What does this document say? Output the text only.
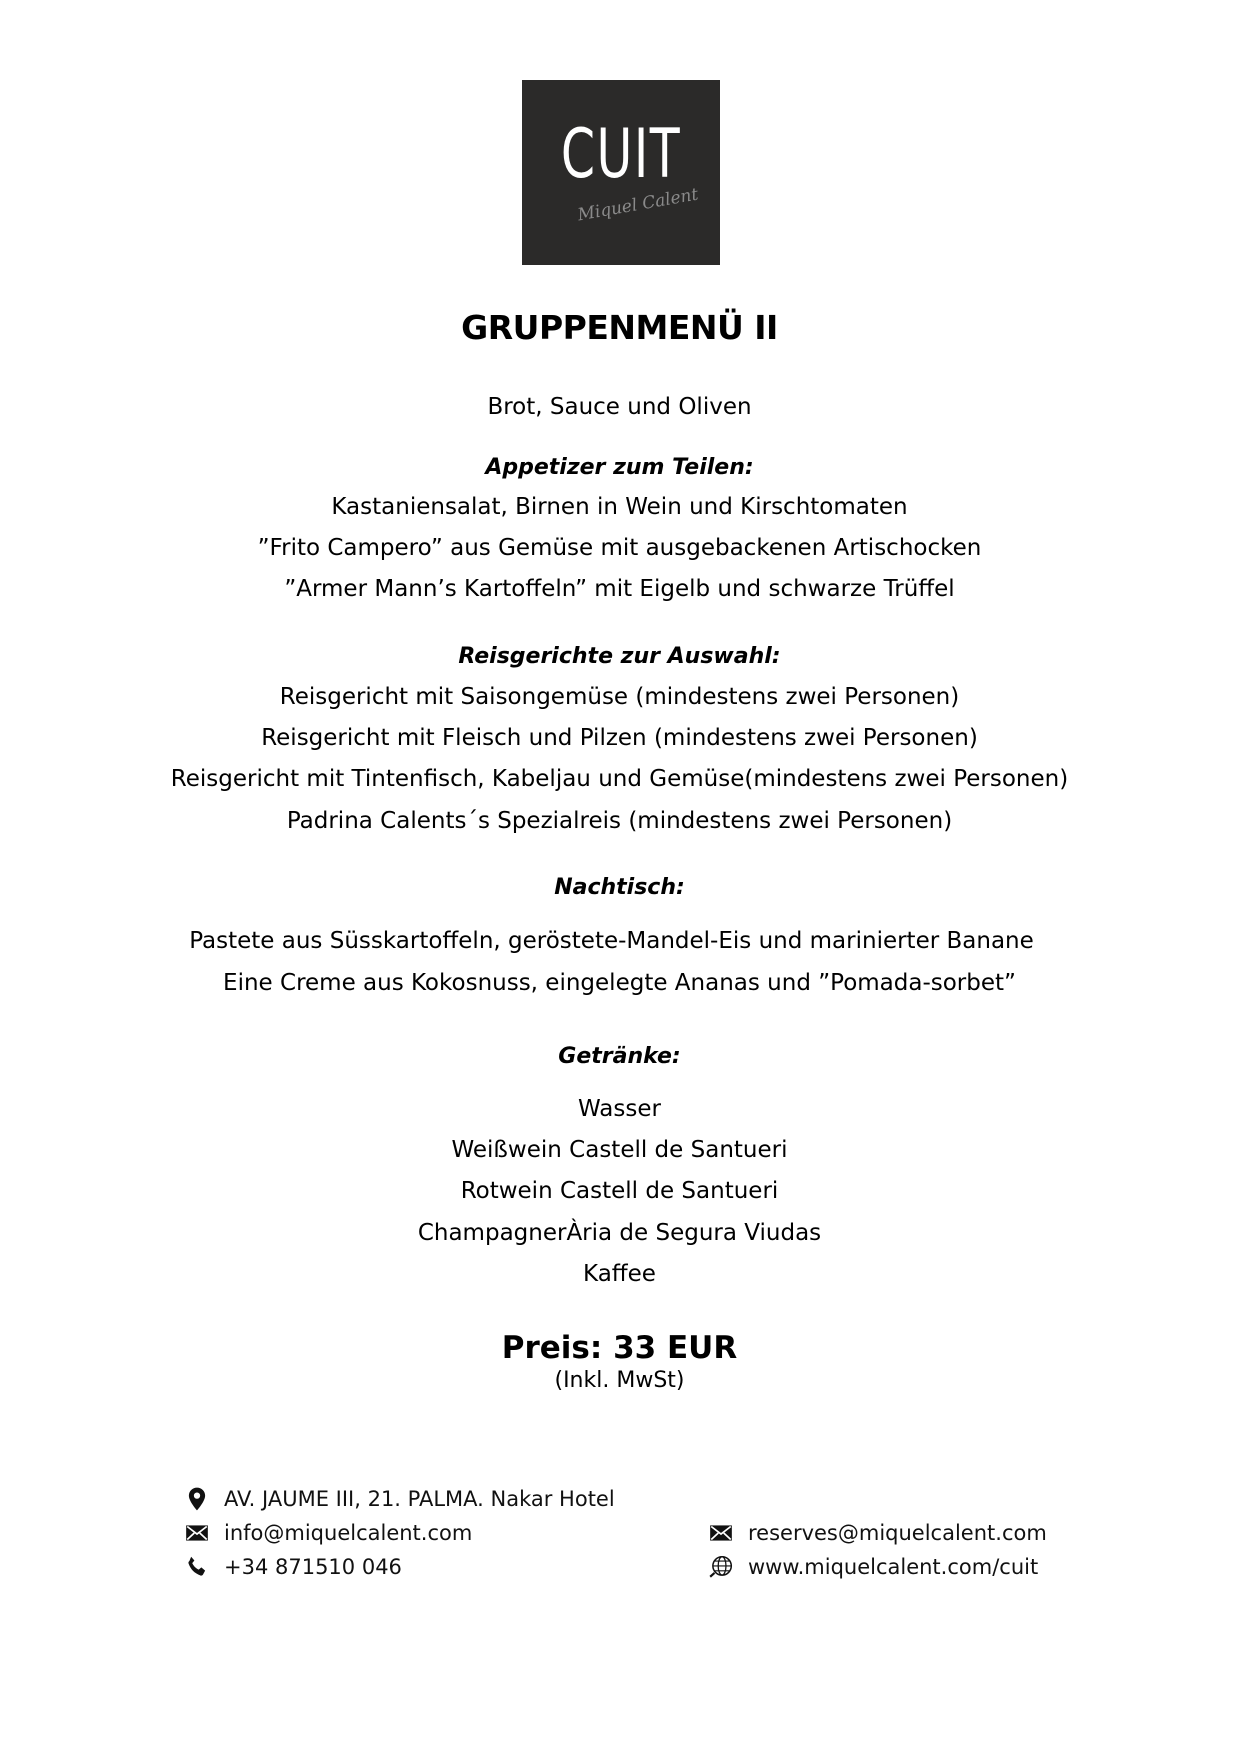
CUIT
Miquel Calent
GRUPPENMENÜ II
Brot, Sauce und Oliven
Appetizer zum Teilen:
Kastaniensalat, Birnen in Wein und Kirschtomaten
”Frito Campero” aus Gemüse mit ausgebackenen Artischocken
”Armer Mann’s Kartoffeln” mit Eigelb und schwarze Trüffel
Reisgerichte zur Auswahl:
Reisgericht mit Saisongemüse (mindestens zwei Personen)
Reisgericht mit Fleisch und Pilzen (mindestens zwei Personen)
Reisgericht mit Tintenfisch, Kabeljau und Gemüse(mindestens zwei Personen)
Padrina Calents´s Spezialreis (mindestens zwei Personen)
Nachtisch:
Pastete aus Süsskartoffeln, geröstete-Mandel-Eis und marinierter Banane
Eine Creme aus Kokosnuss, eingelegte Ananas und ”Pomada-sorbet”
Getränke:
Wasser
Weißwein Castell de Santueri
Rotwein Castell de Santueri
ChampagnerÀria de Segura Viudas
Kaffee
Preis: 33 EUR
(Inkl. MwSt)
AV. JAUME III, 21. PALMA. Nakar Hotel
info@miquelcalent.com
+34 871510 046
reserves@miquelcalent.com
www.miquelcalent.com/cuit
